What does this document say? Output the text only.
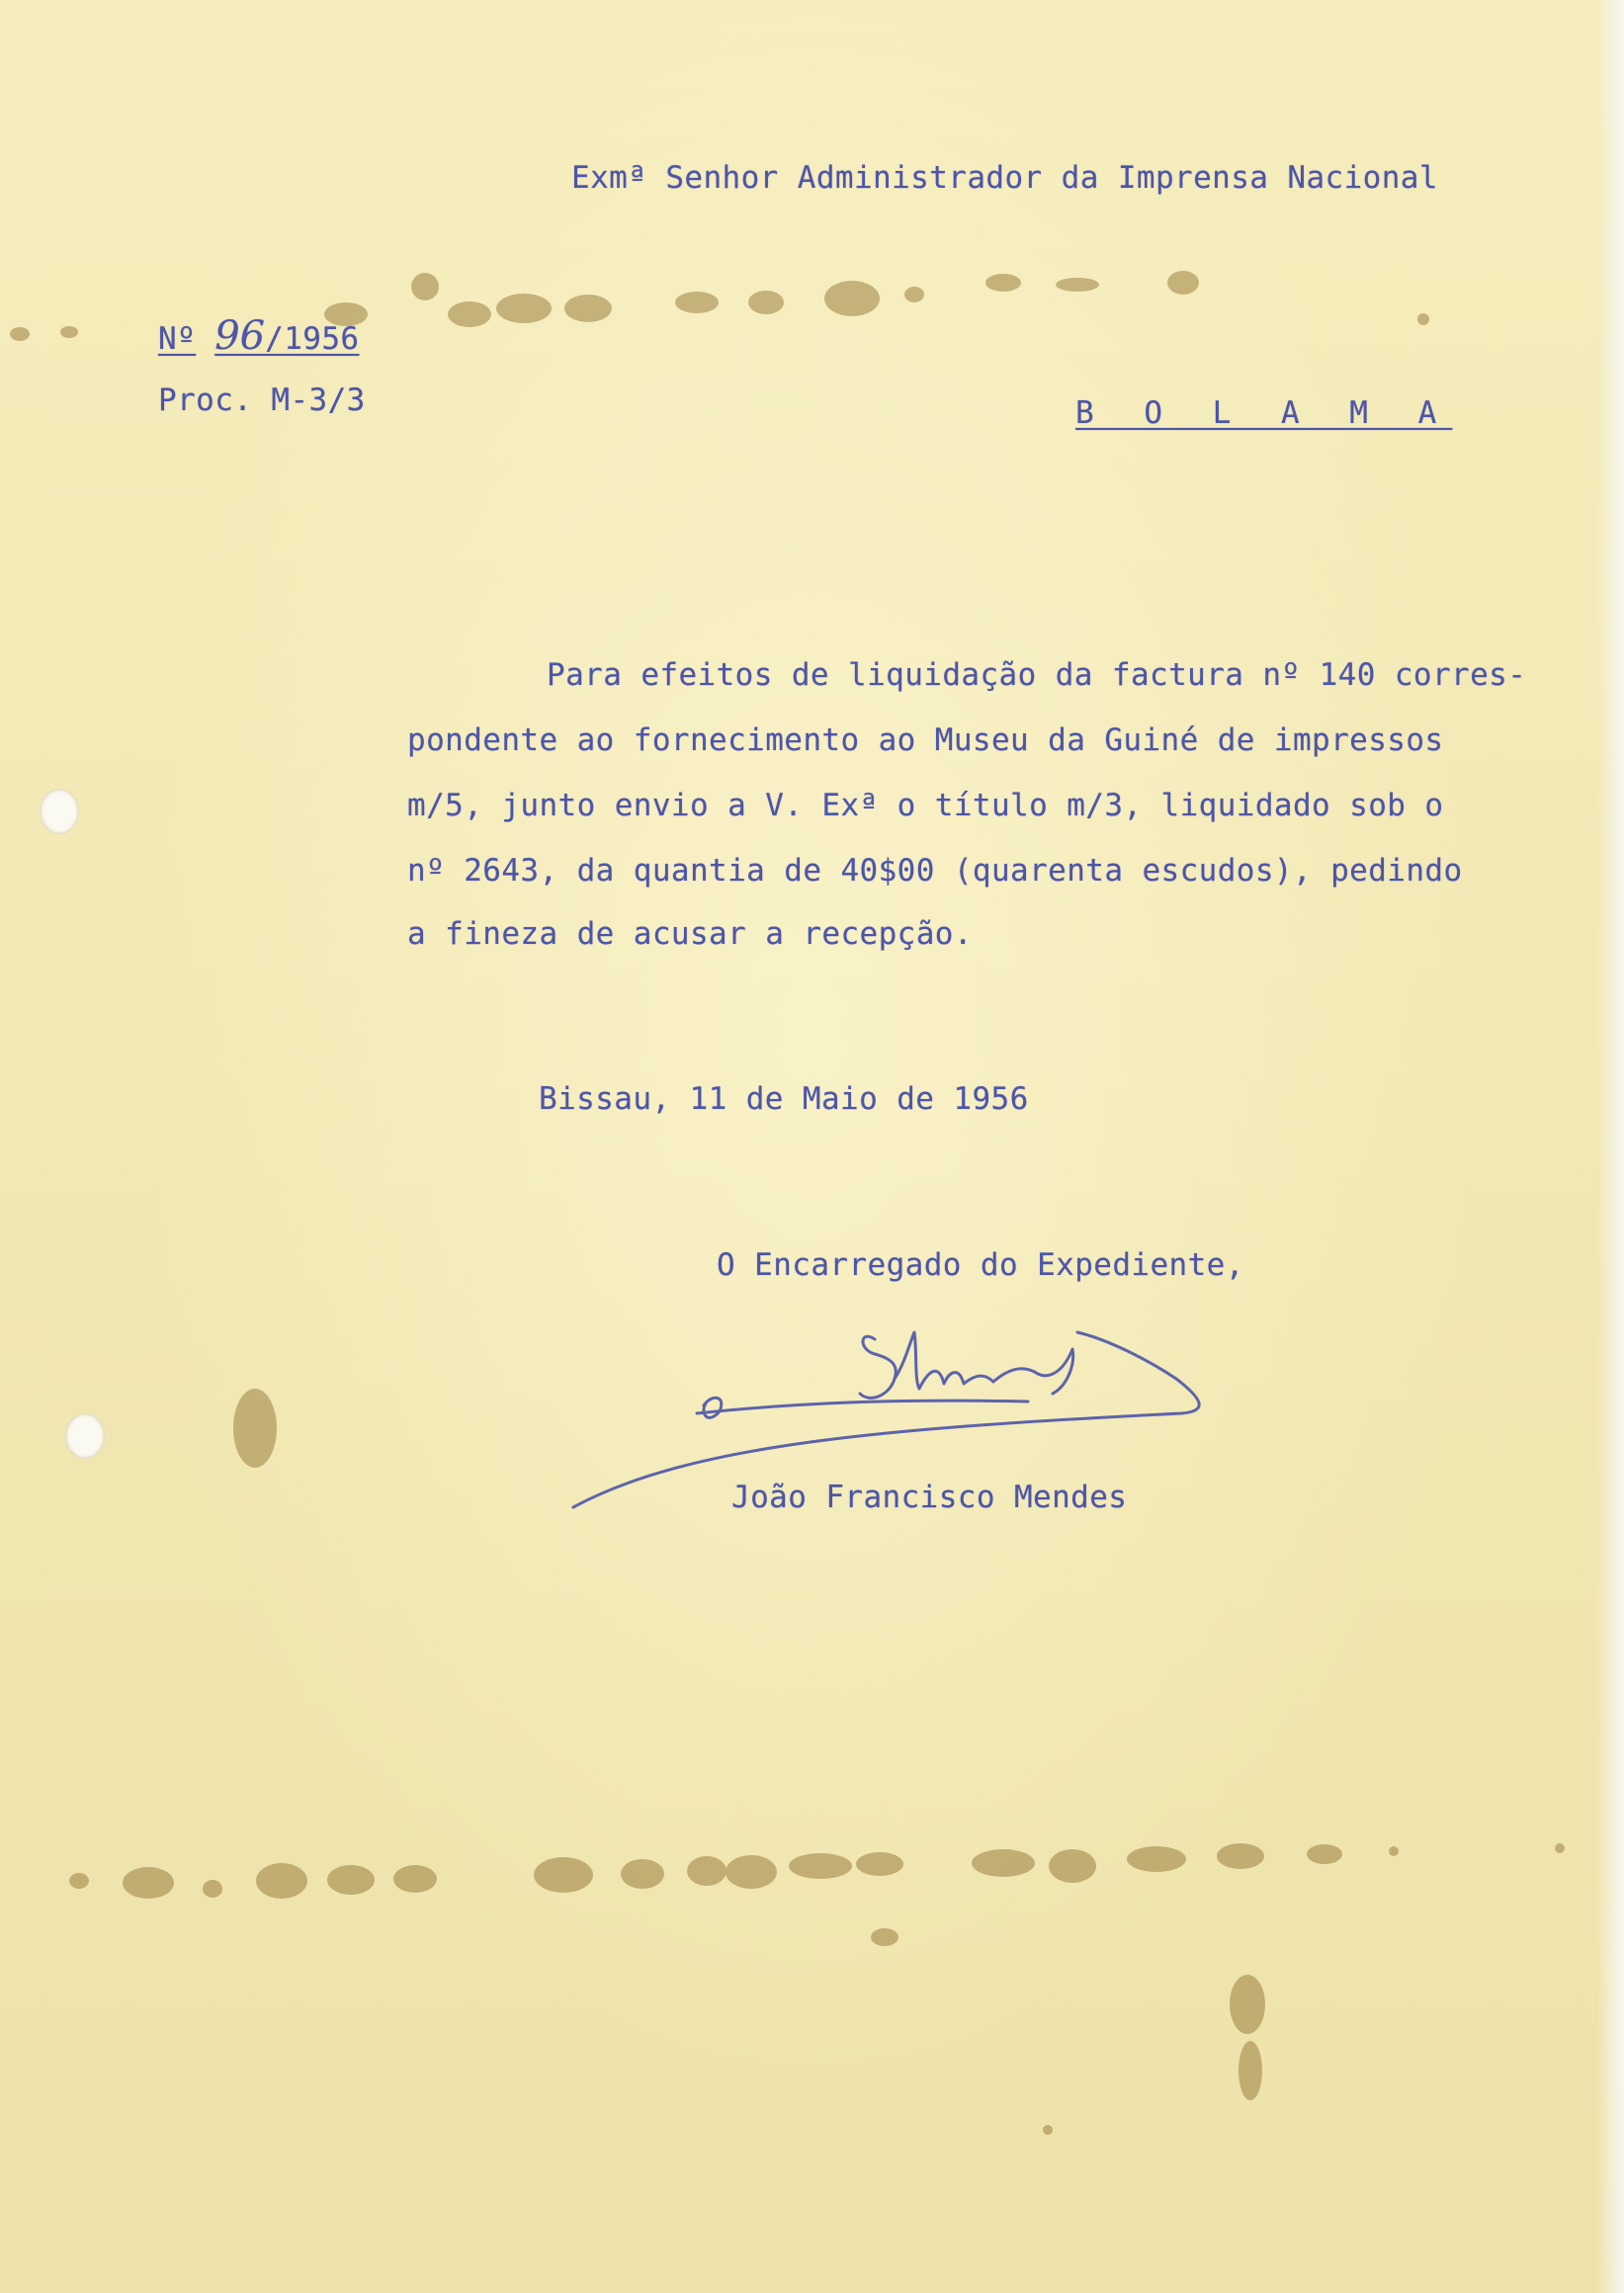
Exmª Senhor Administrador da Imprensa Nacional
Nº 96/1956
Proc. M-3/3	B O L A M A
Para efeitos de liquidação da factura nº 140 corres-
pondente ao fornecimento ao Museu da Guiné de impressos
m/5, junto envio a V. Exª o título m/3, liquidado sob o
nº 2643, da quantia de 40$00 (quarenta escudos), pedindo
a fineza de acusar a recepção.
Bissau, 11 de Maio de 1956
O Encarregado do Expediente,
João Francisco Mendes
